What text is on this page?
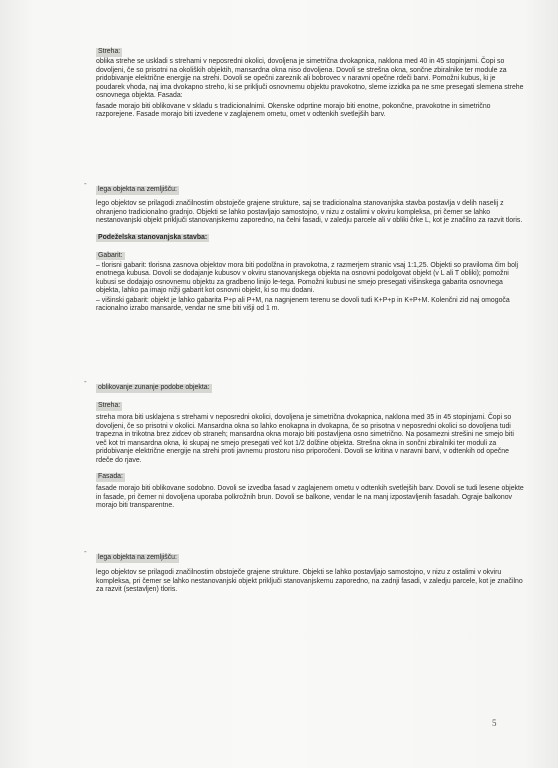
Streha:

oblika strehe se uskladi s strehami v neposredni okolici, dovoljena je simetrična dvokapnica, naklona med 40 in 45 stopinjami. Čopi so dovoljeni, če so prisotni na okoliških objektih, mansardna okna niso dovoljena. Dovoli se strešna okna, sončne zbiralnike ter module za pridobivanje električne energije na strehi. Dovoli se opečni zareznik ali bobrovec v naravni opečne rdeči barvi. Pomožni kubus, ki je poudarek vhoda, naj ima dvokapno streho, ki se priključi osnovnemu objektu pravokotno, sleme izzidka pa ne sme presegati slemena strehe osnovnega objekta. Fasada:

fasade morajo biti oblikovane v skladu s tradicionalnimi. Okenske odprtine morajo biti enotne, pokončne, pravokotne in simetrično razporejene. Fasade morajo biti izvedene v zaglajenem ometu, omet v odtenkih svetlejših barv.

-
lega objekta na zemljišču:

lego objektov se prilagodi značilnostim obstoječe grajene strukture, saj se tradicionalna stanovanjska stavba postavlja v delih naselij z ohranjeno tradicionalno gradnjo. Objekti se lahko postavljajo samostojno, v nizu z ostalimi v okviru kompleksa, pri čemer se lahko nestanovanjski objekt priključi stanovanjskemu zaporedno, na čelni fasadi, v zaledju parcele ali v obliki črke L, kot je značilno za razvit tloris.

Podeželska stanovanjska stavba:
Gabarit:

– tlorisni gabarit: tlorisna zasnova objektov mora biti podolžna in pravokotna, z razmerjem stranic vsaj 1:1,25. Objekti so praviloma čim bolj enotnega kubusa. Dovoli se dodajanje kubusov v okviru stanovanjskega objekta na osnovni podolgovat objekt (v L ali T obliki); pomožni kubusi se dodajajo osnovnemu objektu za gradbeno linijo le-tega. Pomožni kubusi ne smejo presegati višinskega gabarita osnovnega objekta, lahko pa imajo nižji gabarit kot osnovni objekt, ki so mu dodani.

– višinski gabarit: objekt je lahko gabarita P+p ali P+M, na nagnjenem terenu se dovoli tudi K+P+p in K+P+M. Kolenčni zid naj omogoča racionalno izrabo mansarde, vendar ne sme biti višji od 1 m.

-
oblikovanje zunanje podobe objekta:
Streha:

streha mora biti usklajena s strehami v neposredni okolici, dovoljena je simetrična dvokapnica, naklona med 35 in 45 stopinjami. Čopi so dovoljeni, če so prisotni v okolici. Mansardna okna so lahko enokapna in dvokapna, če so prisotna v neposredni okolici so dovoljena tudi trapezna in trikotna brez zidcev ob straneh; mansardna okna morajo biti postavljena osno simetrično. Na posamezni strešini ne smejo biti več kot tri mansardna okna, ki skupaj ne smejo presegati več kot 1/2 dolžine objekta. Strešna okna in sončni zbiralniki ter moduli za pridobivanje električne energije na strehi proti javnemu prostoru niso priporočeni. Dovoli se kritina v naravni barvi, v odtenkih od opečne rdeče do rjave.

Fasada:

fasade morajo biti oblikovane sodobno. Dovoli se izvedba fasad v zaglajenem ometu v odtenkih svetlejših barv. Dovoli se tudi lesene objekte in fasade, pri čemer ni dovoljena uporaba polkrožnih brun. Dovoli se balkone, vendar le na manj izpostavljenih fasadah. Ograje balkonov morajo biti transparentne.

-
lega objekta na zemljišču:

lego objektov se prilagodi značilnostim obstoječe grajene strukture. Objekti se lahko postavljajo samostojno, v nizu z ostalimi v okviru kompleksa, pri čemer se lahko nestanovanjski objekt priključi stanovanjskemu zaporedno, na zadnji fasadi, v zaledju parcele, kot je značilno za razvit (sestavljen) tloris.

5
